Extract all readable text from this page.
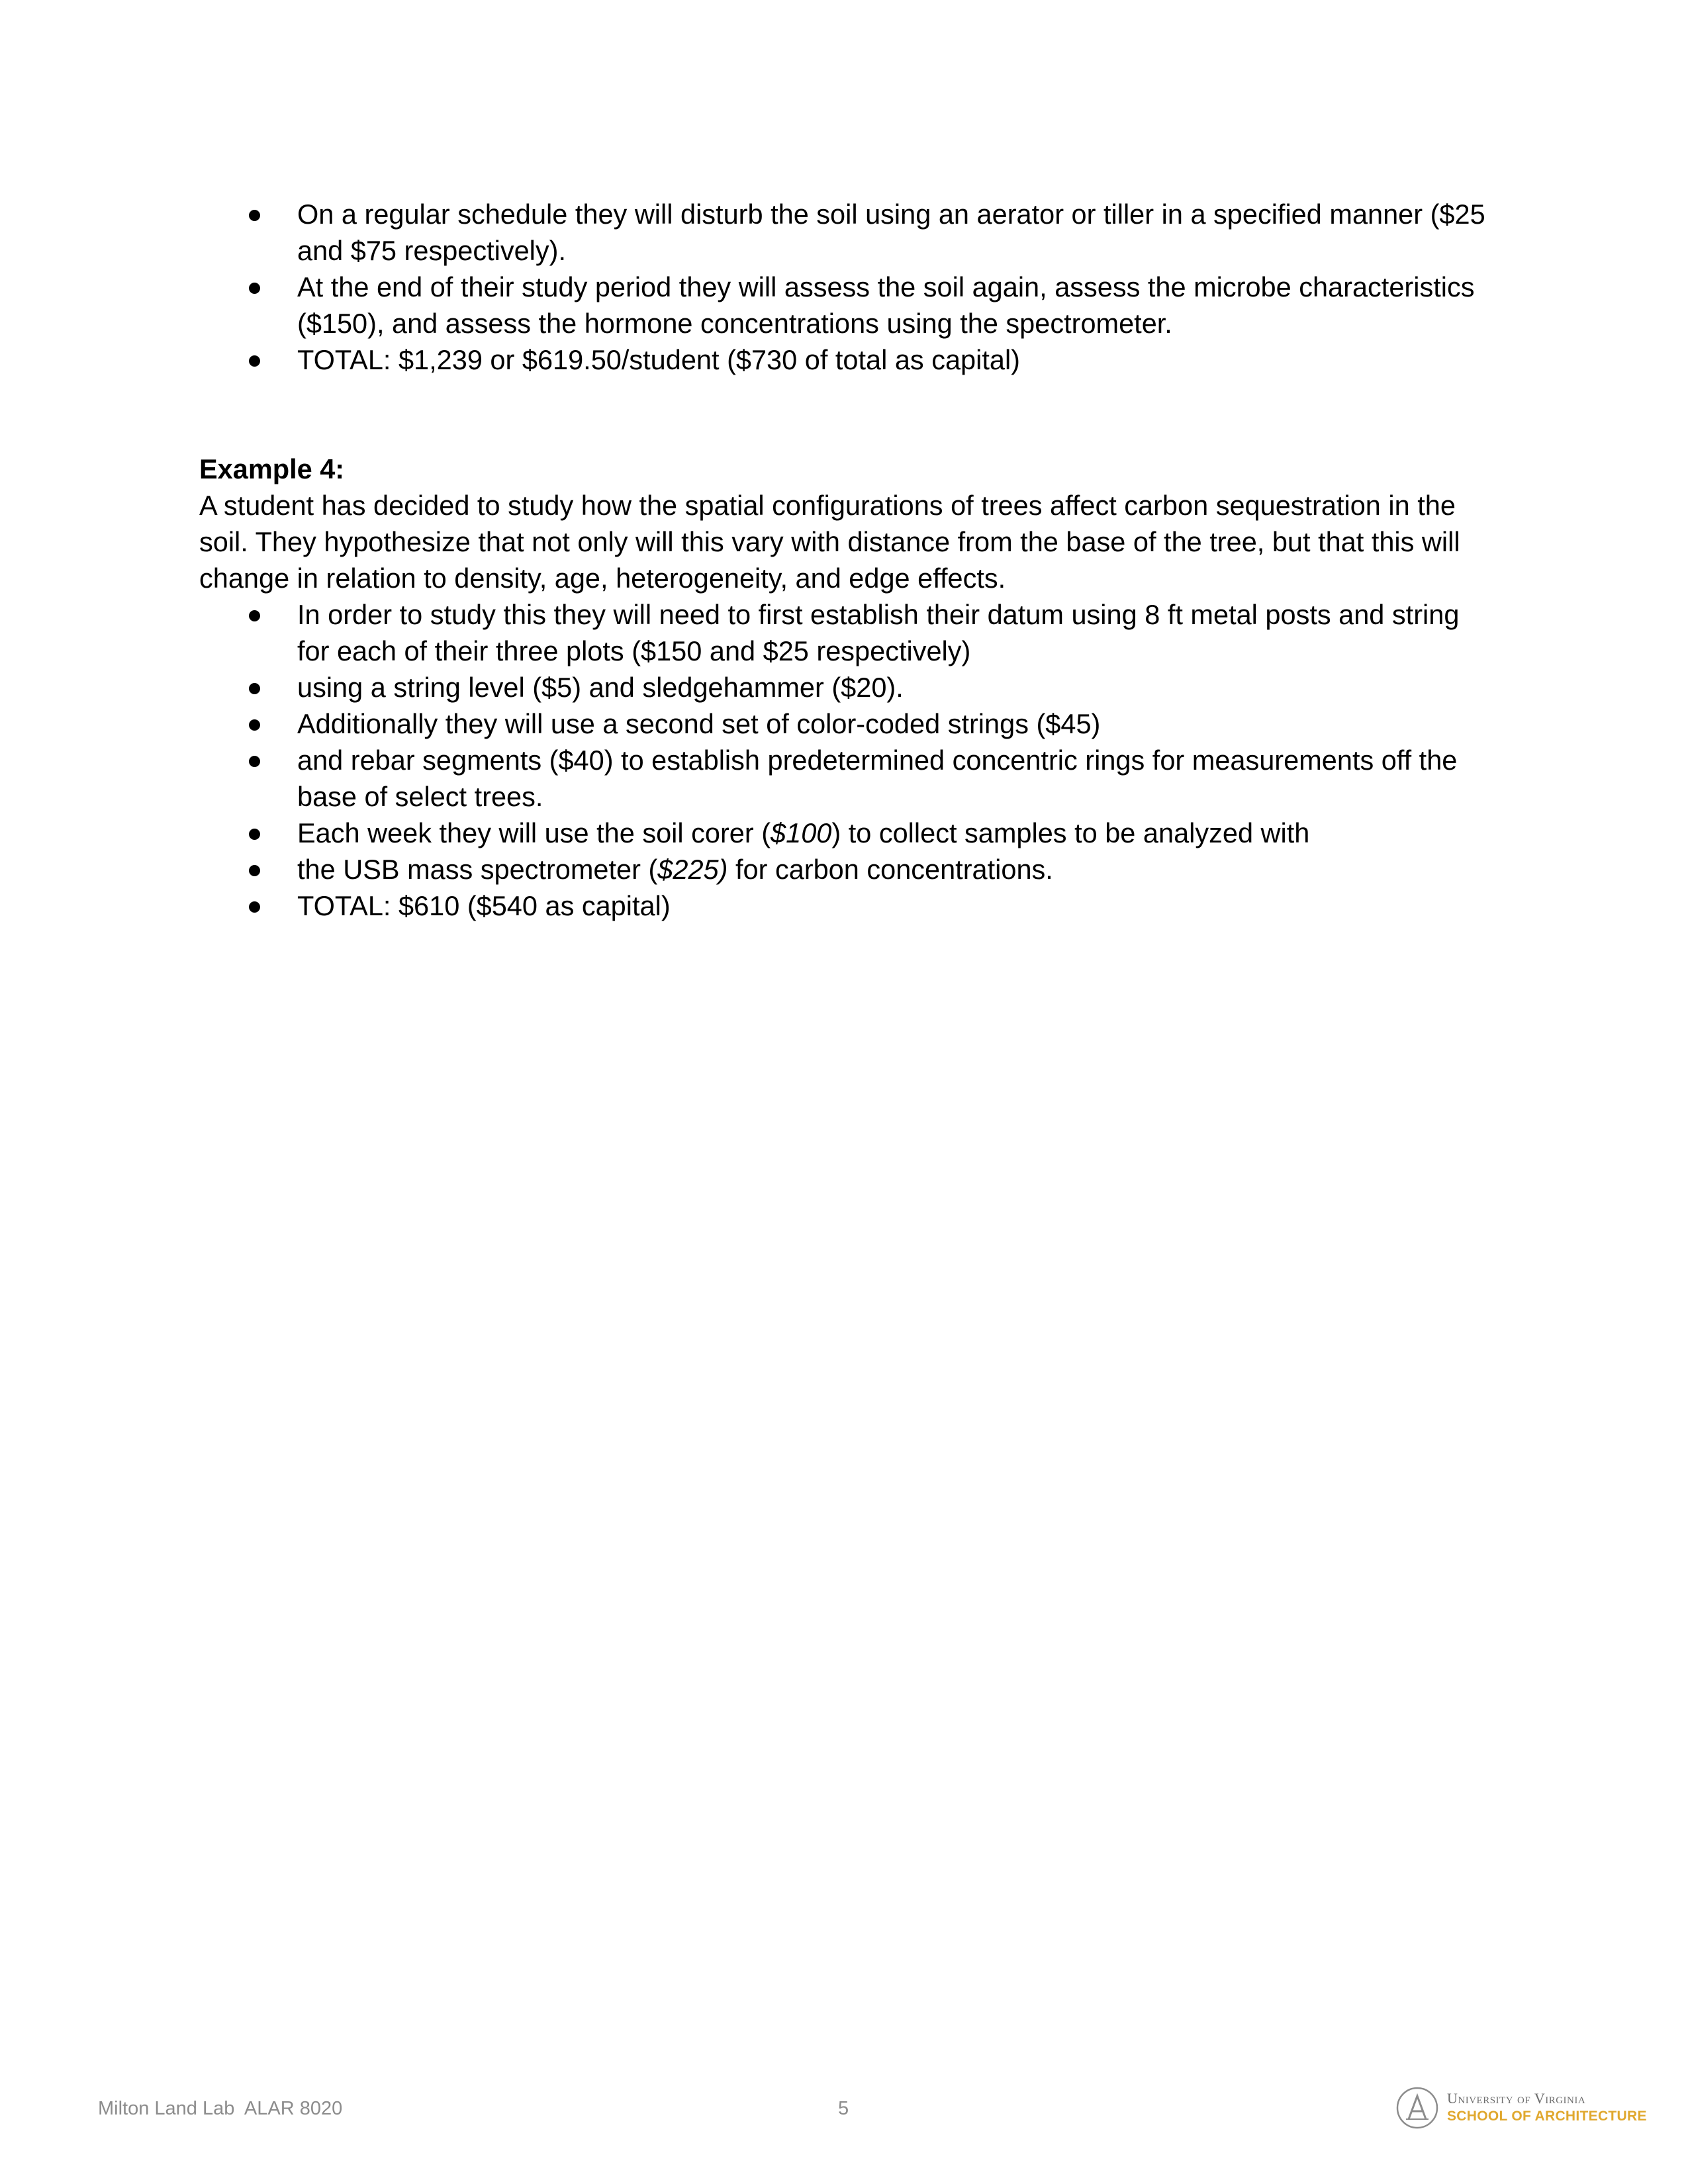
On a regular schedule they will disturb the soil using an aerator or tiller in a specified manner ($25 and $75 respectively).
At the end of their study period they will assess the soil again, assess the microbe characteristics ($150), and assess the hormone concentrations using the spectrometer.
TOTAL: $1,239 or $619.50/student ($730 of total as capital)
Example 4:

A student has decided to study how the spatial configurations of trees affect carbon sequestration in the soil. They hypothesize that not only will this vary with distance from the base of the tree, but that this will change in relation to density, age, heterogeneity, and edge effects.

In order to study this they will need to first establish their datum using 8 ft metal posts and string for each of their three plots ($150 and $25 respectively)
using a string level ($5) and sledgehammer ($20).
Additionally they will use a second set of color-coded strings ($45)
and rebar segments ($40) to establish predetermined concentric rings for measurements off the base of select trees.
Each week they will use the soil corer ($100) to collect samples to be analyzed with
the USB mass spectrometer ($225) for carbon concentrations.
TOTAL: $610 ($540 as capital)
Milton Land Lab  ALAR 8020	5	University of Virginia
SCHOOL OF ARCHITECTURE
